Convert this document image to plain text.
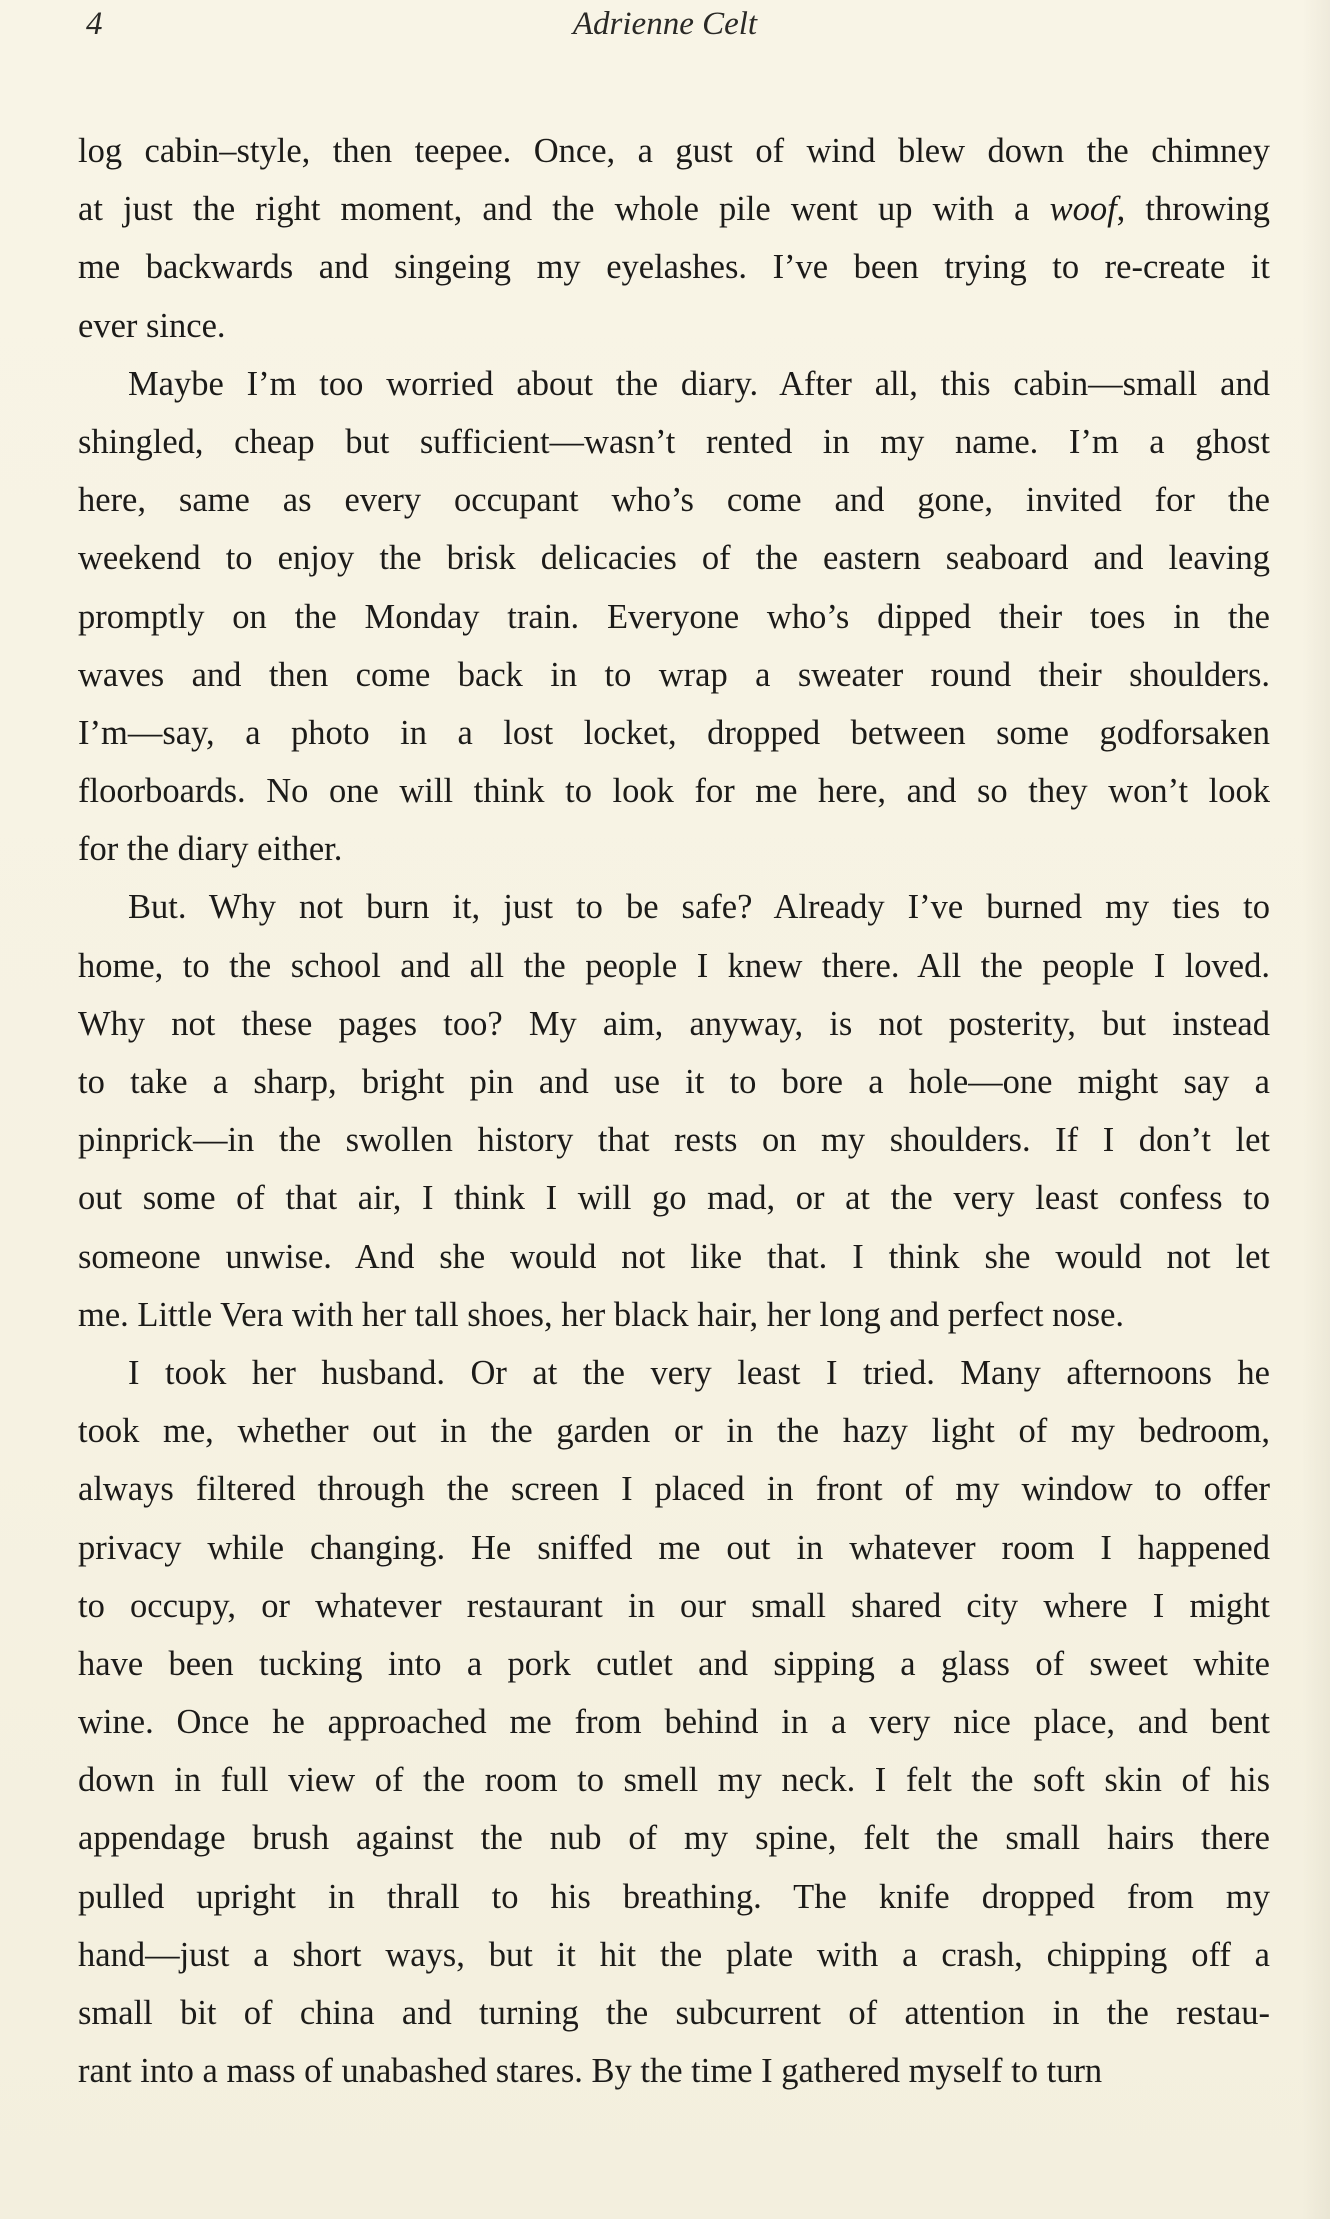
4	Adrienne Celt
log cabin–style, then teepee. Once, a gust of wind blew down the chimney
at just the right moment, and the whole pile went up with a woof, throwing
me backwards and singeing my eyelashes. I’ve been trying to re-create it
ever since.
Maybe I’m too worried about the diary. After all, this cabin—small and
shingled, cheap but sufficient—wasn’t rented in my name. I’m a ghost
here, same as every occupant who’s come and gone, invited for the
weekend to enjoy the brisk delicacies of the eastern seaboard and leaving
promptly on the Monday train. Everyone who’s dipped their toes in the
waves and then come back in to wrap a sweater round their shoulders.
I’m—say, a photo in a lost locket, dropped between some godforsaken
floorboards. No one will think to look for me here, and so they won’t look
for the diary either.
But. Why not burn it, just to be safe? Already I’ve burned my ties to
home, to the school and all the people I knew there. All the people I loved.
Why not these pages too? My aim, anyway, is not posterity, but instead
to take a sharp, bright pin and use it to bore a hole—one might say a
pinprick—in the swollen history that rests on my shoulders. If I don’t let
out some of that air, I think I will go mad, or at the very least confess to
someone unwise. And she would not like that. I think she would not let
me. Little Vera with her tall shoes, her black hair, her long and perfect nose.
I took her husband. Or at the very least I tried. Many afternoons he
took me, whether out in the garden or in the hazy light of my bedroom,
always filtered through the screen I placed in front of my window to offer
privacy while changing. He sniffed me out in whatever room I happened
to occupy, or whatever restaurant in our small shared city where I might
have been tucking into a pork cutlet and sipping a glass of sweet white
wine. Once he approached me from behind in a very nice place, and bent
down in full view of the room to smell my neck. I felt the soft skin of his
appendage brush against the nub of my spine, felt the small hairs there
pulled upright in thrall to his breathing. The knife dropped from my
hand—just a short ways, but it hit the plate with a crash, chipping off a
small bit of china and turning the subcurrent of attention in the restau-
rant into a mass of unabashed stares. By the time I gathered myself to turn
